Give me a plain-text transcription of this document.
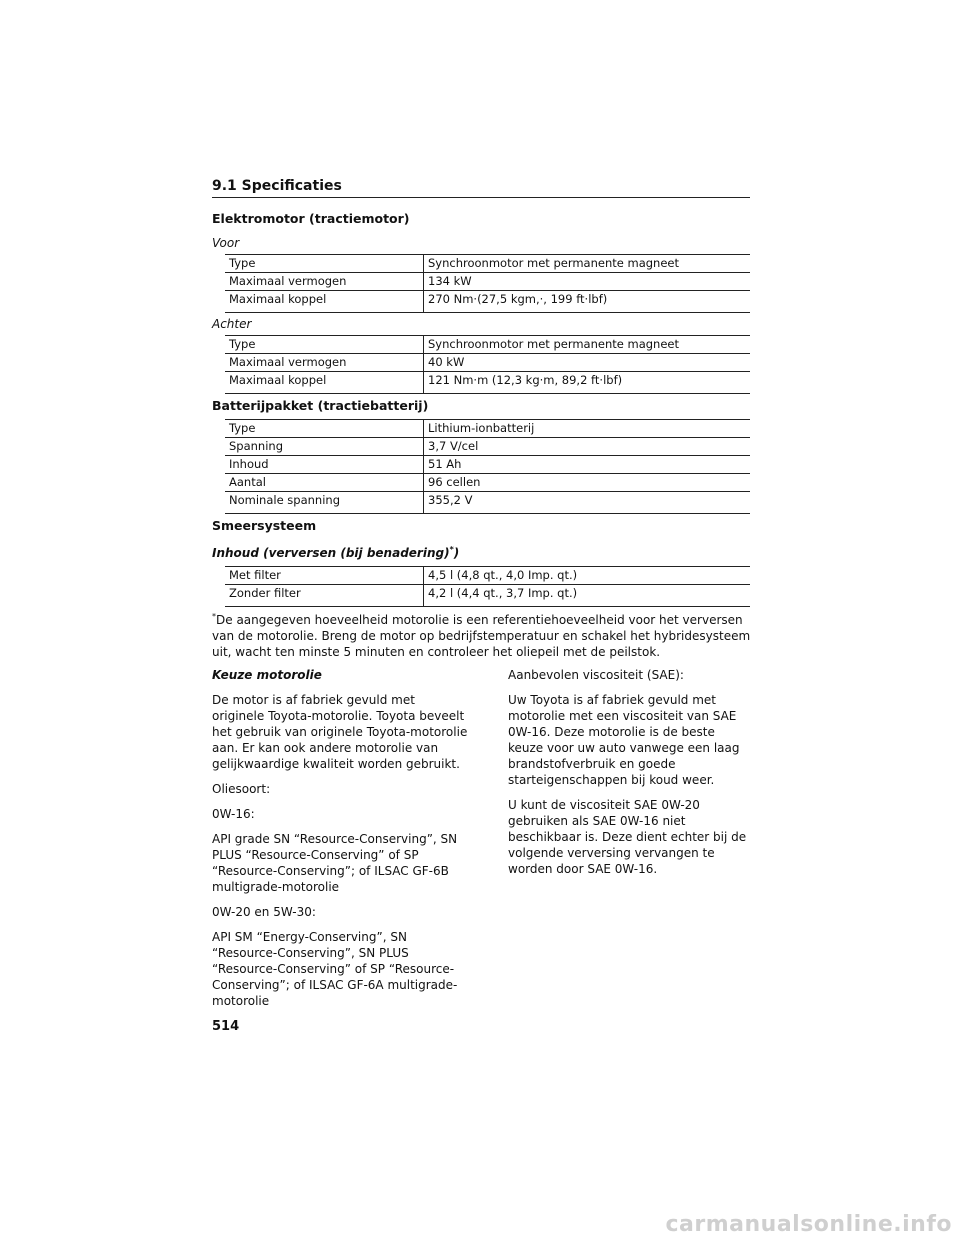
9.1 Specificaties
Elektromotor (tractiemotor)
Voor
Type	Synchroonmotor met permanente magneet
Maximaal vermogen	134 kW
Maximaal koppel	270 Nm·(27,5 kgm,·, 199 ft·lbf)
Achter
Type	Synchroonmotor met permanente magneet
Maximaal vermogen	40 kW
Maximaal koppel	121 Nm·m (12,3 kg·m, 89,2 ft·lbf)
Batterijpakket (tractiebatterij)
Type	Lithium-ionbatterij
Spanning	3,7 V/cel
Inhoud	51 Ah
Aantal	96 cellen
Nominale spanning	355,2 V
Smeersysteem
Inhoud (verversen (bij benadering)*)
Met filter	4,5 l (4,8 qt., 4,0 Imp. qt.)
Zonder filter	4,2 l (4,4 qt., 3,7 Imp. qt.)
*De aangegeven hoeveelheid motorolie is een referentiehoeveelheid voor het verversen van de motorolie. Breng de motor op bedrijfstemperatuur en schakel het hybridesysteem uit, wacht ten minste 5 minuten en controleer het oliepeil met de peilstok.

Keuze motorolie

De motor is af fabriek gevuld met originele Toyota-motorolie. Toyota beveelt het gebruik van originele Toyota-motorolie aan. Er kan ook andere motorolie van gelijkwaardige kwaliteit worden gebruikt.

Oliesoort:

0W-16:

API grade SN “Resource-Conserving”, SN PLUS “Resource-Conserving” of SP “Resource-Conserving”; of ILSAC GF-6B multigrade-motorolie

0W-20 en 5W-30:

API SM “Energy-Conserving”, SN “Resource-Conserving”, SN PLUS “Resource-Conserving” of SP “Resource-Conserving”; of ILSAC GF-6A multigrade-motorolie

Aanbevolen viscositeit (SAE):

Uw Toyota is af fabriek gevuld met motorolie met een viscositeit van SAE 0W-16. Deze motorolie is de beste keuze voor uw auto vanwege een laag brandstofverbruik en goede starteigenschappen bij koud weer.

U kunt de viscositeit SAE 0W-20 gebruiken als SAE 0W-16 niet beschikbaar is. Deze dient echter bij de volgende verversing vervangen te worden door SAE 0W-16.

514
carmanualsonline.info
